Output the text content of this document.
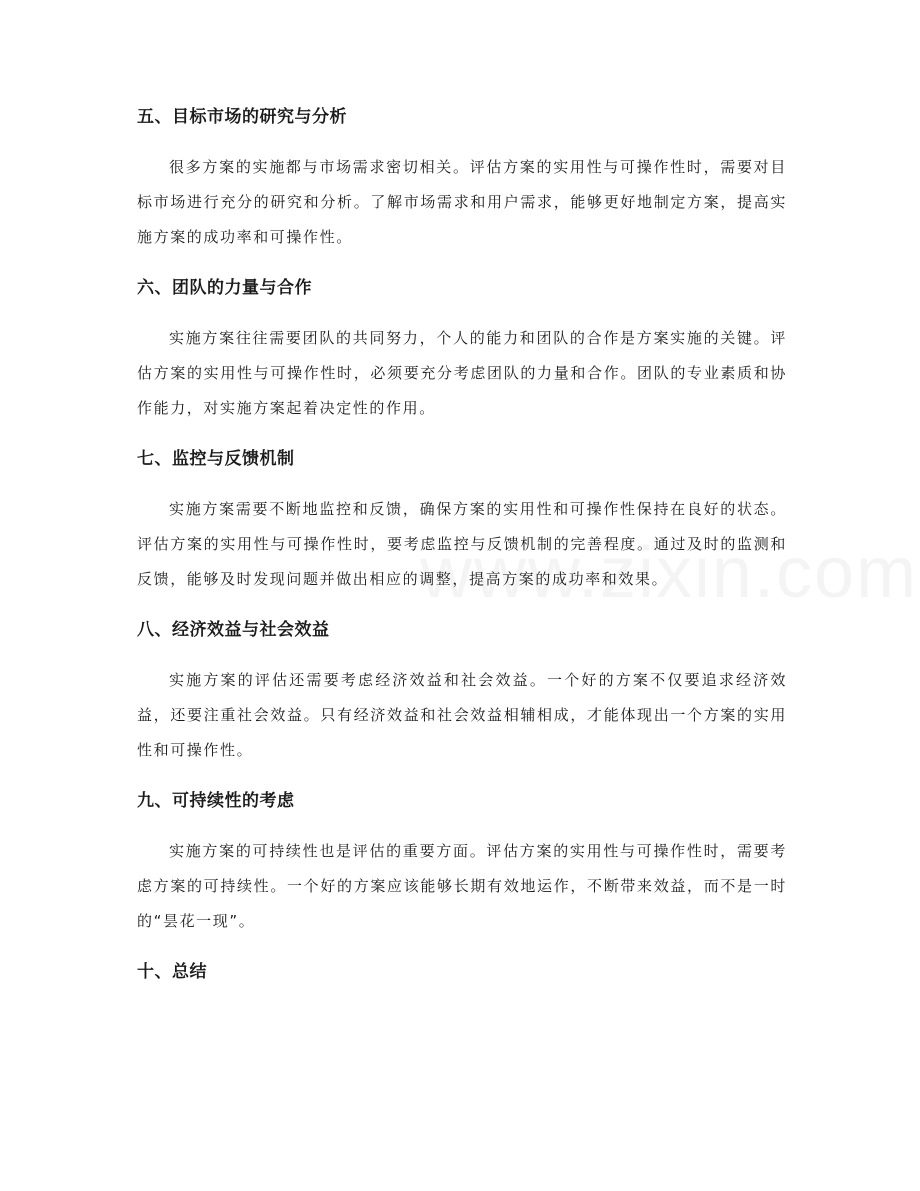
五、目标市场的研究与分析

很多方案的实施都与市场需求密切相关。评估方案的实用性与可操作性时，需要对目标市场进行充分的研究和分析。了解市场需求和用户需求，能够更好地制定方案，提高实施方案的成功率和可操作性。

六、团队的力量与合作

实施方案往往需要团队的共同努力，个人的能力和团队的合作是方案实施的关键。评估方案的实用性与可操作性时，必须要充分考虑团队的力量和合作。团队的专业素质和协作能力，对实施方案起着决定性的作用。

七、监控与反馈机制

实施方案需要不断地监控和反馈，确保方案的实用性和可操作性保持在良好的状态。评估方案的实用性与可操作性时，要考虑监控与反馈机制的完善程度。通过及时的监测和反馈，能够及时发现问题并做出相应的调整，提高方案的成功率和效果。

八、经济效益与社会效益

实施方案的评估还需要考虑经济效益和社会效益。一个好的方案不仅要追求经济效益，还要注重社会效益。只有经济效益和社会效益相辅相成，才能体现出一个方案的实用性和可操作性。

九、可持续性的考虑

实施方案的可持续性也是评估的重要方面。评估方案的实用性与可操作性时，需要考虑方案的可持续性。一个好的方案应该能够长期有效地运作，不断带来效益，而不是一时的“昙花一现”。

十、总结
